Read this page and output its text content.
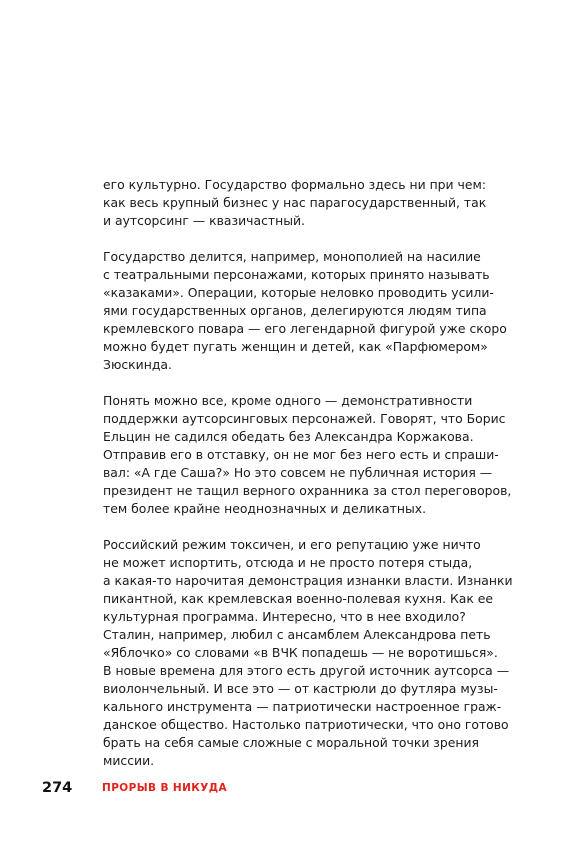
его культурно. Государство формально здесь ни при чем:
как весь крупный бизнес у нас парагосударственный, так
и аутсорсинг — квазичастный.

Государство делится, например, монополией на насилие
с театральными персонажами, которых принято называть
«казаками». Операции, которые неловко проводить усили-
ями государственных органов, делегируются людям типа
кремлевского повара — его легендарной фигурой уже скоро
можно будет пугать женщин и детей, как «Парфюмером»
Зюскинда.

Понять можно все, кроме одного — демонстративности
поддержки аутсорсинговых персонажей. Говорят, что Борис
Ельцин не садился обедать без Александра Коржакова.
Отправив его в отставку, он не мог без него есть и спраши-
вал: «А где Саша?» Но это совсем не публичная история —
президент не тащил верного охранника за стол переговоров,
тем более крайне неоднозначных и деликатных.

Российский режим токсичен, и его репутацию уже ничто
не может испортить, отсюда и не просто потеря стыда,
а какая-то нарочитая демонстрация изнанки власти. Изнанки
пикантной, как кремлевская военно-полевая кухня. Как ее
культурная программа. Интересно, что в нее входило?
Сталин, например, любил с ансамблем Александрова петь
«Яблочко» со словами «в ВЧК попадешь — не воротишься».
В новые времена для этого есть другой источник аутсорса —
виолончельный. И все это — от кастрюли до футляра музы-
кального инструмента — патриотически настроенное граж-
данское общество. Настолько патриотически, что оно готово
брать на себя самые сложные с моральной точки зрения
миссии.

274	ПРОРЫВ В НИКУДА
